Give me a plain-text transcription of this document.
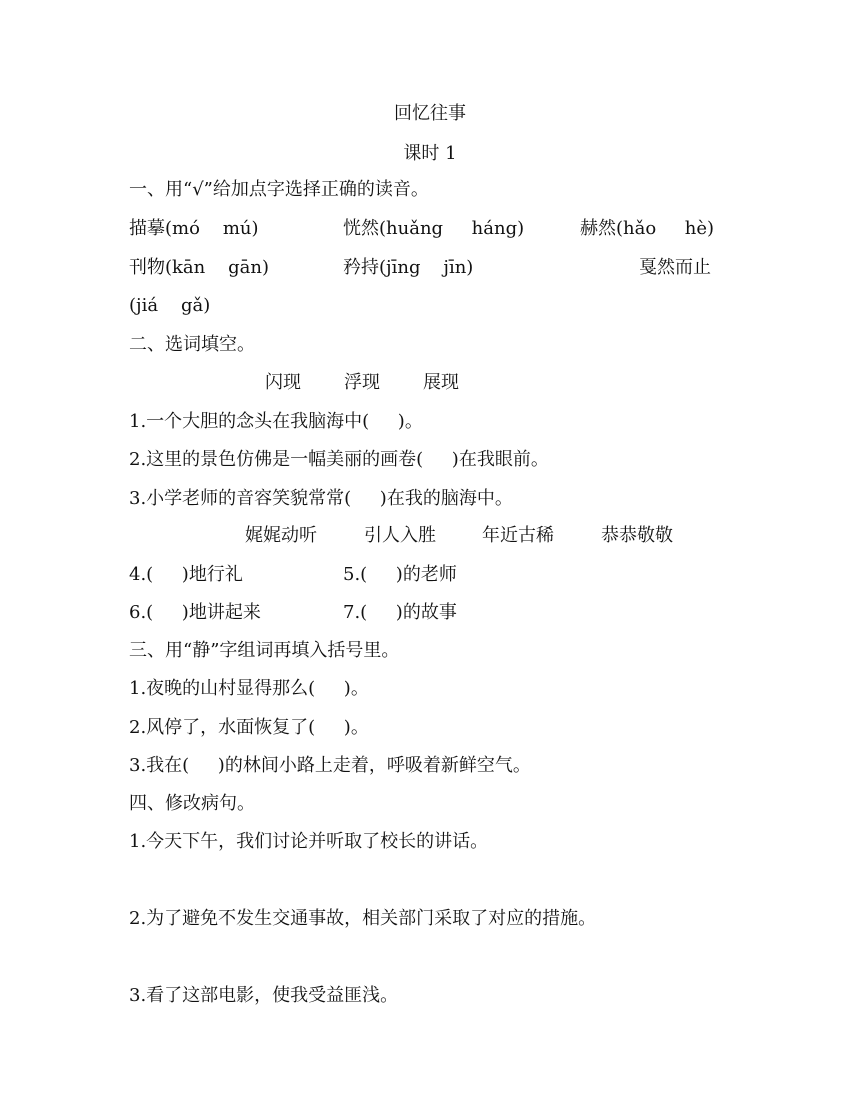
回忆往事
课时 1
一、用“√”给加点字选择正确的读音。
描摹(mó    mú)	恍然(huǎng     háng)	赫然(hǎo     hè)
刊物(kān    gān)	矜持(jīng    jīn)	戛然而止
(jiá    gǎ)
二、选词填空。
闪现 浮现 展现
1.一个大胆的念头在我脑海中(     )。
2.这里的景色仿佛是一幅美丽的画卷(     )在我眼前。
3.小学老师的音容笑貌常常(     )在我的脑海中。
娓娓动听	引人入胜	年近古稀	恭恭敬敬
4.(     )地行礼	5.(     )的老师
6.(     )地讲起来	7.(     )的故事
三、用“静”字组词再填入括号里。
1.夜晚的山村显得那么(     )。
2.风停了，水面恢复了(     )。
3.我在(     )的林间小路上走着，呼吸着新鲜空气。
四、修改病句。
1.今天下午，我们讨论并听取了校长的讲话。
2.为了避免不发生交通事故，相关部门采取了对应的措施。
3.看了这部电影，使我受益匪浅。
